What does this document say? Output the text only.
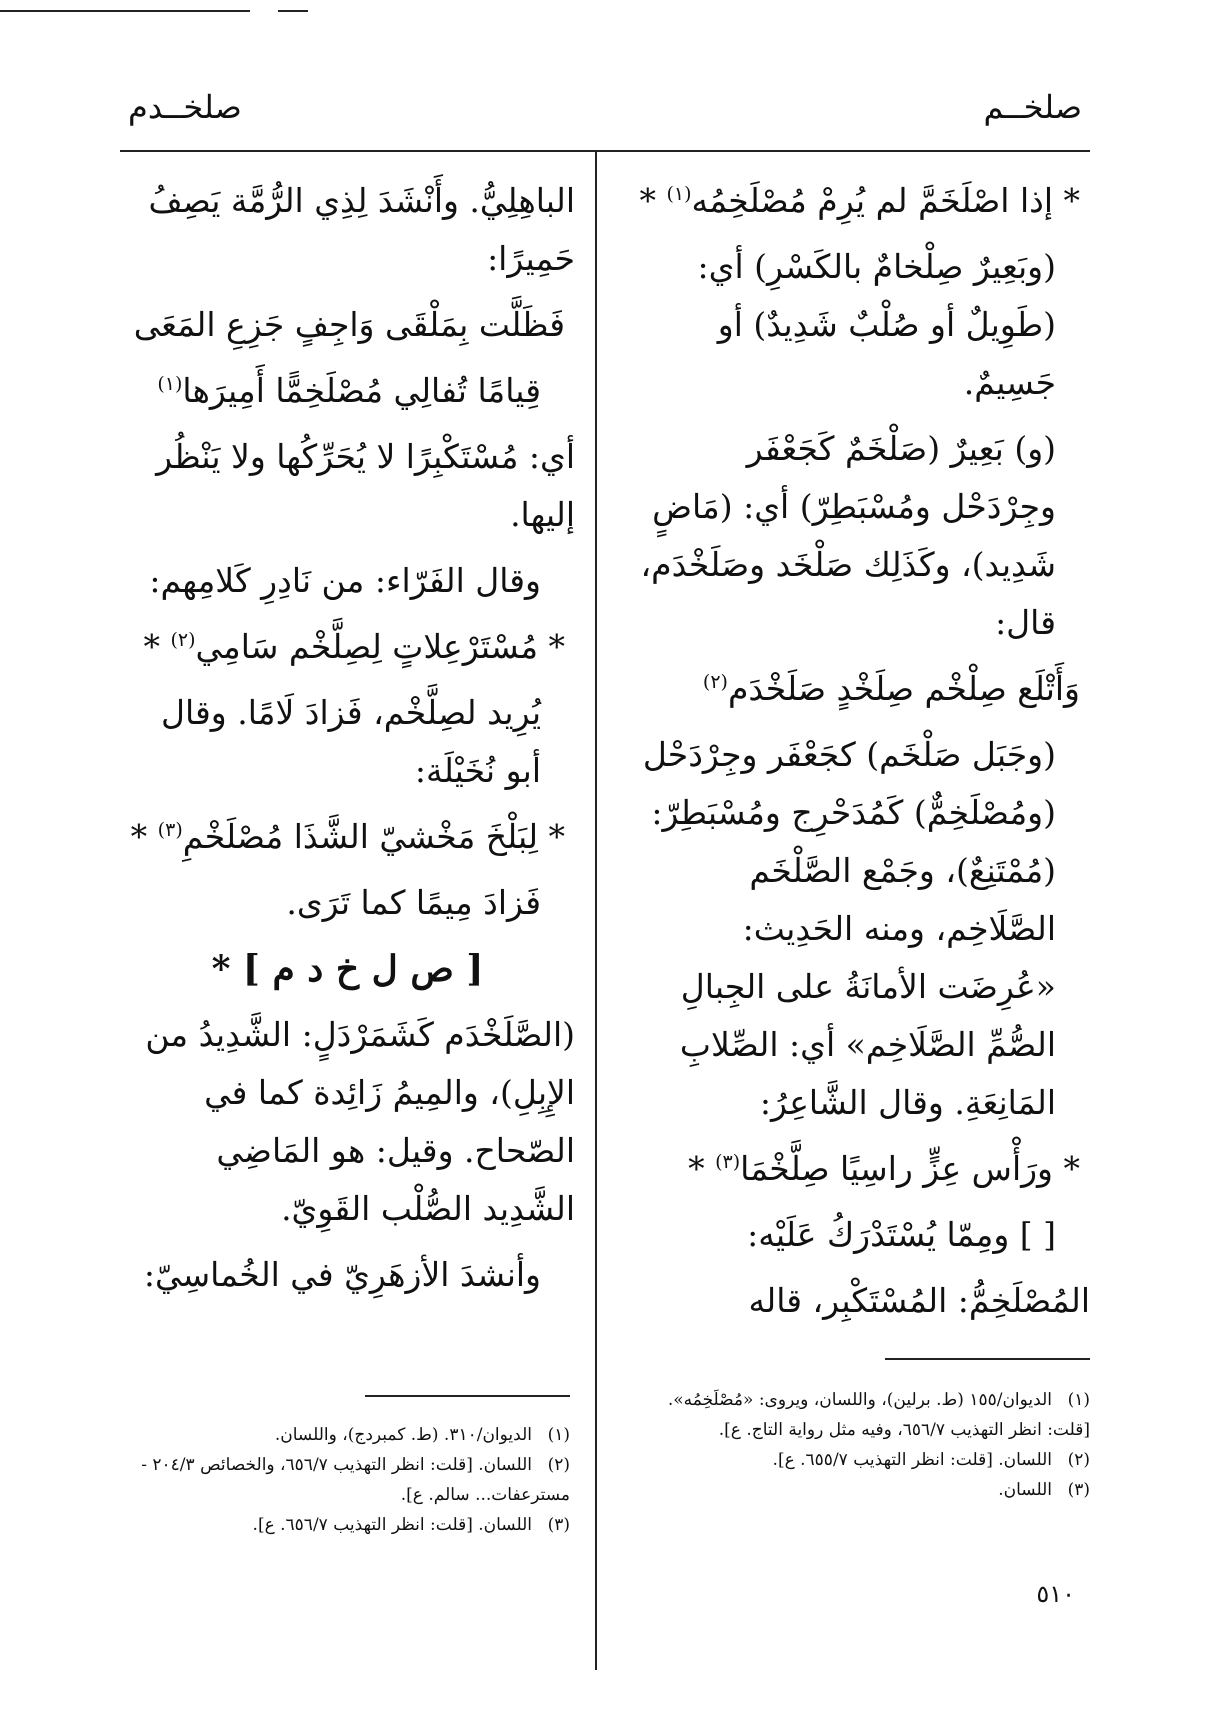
صلخــم
صلخــدم

* إذا اصْلَخَمَّ لم يُرِمْ مُصْلَخِمُه$^{(١)}$ *

(وبَعِيرٌ صِلْخامٌ بالكَسْرِ) أي: (طَوِيلٌ أو صُلْبٌ شَدِيدٌ) أو جَسِيمٌ.

(و) بَعِيرٌ (صَلْخَمٌ كَجَعْفَر وجِرْدَحْل ومُسْبَطِرّ) أي: (مَاضٍ شَدِيد)، وكَذَلِك صَلْخَد وصَلَخْدَم، قال:

وَأَتْلَع صِلْخْم صِلَخْدٍ صَلَخْدَم$^{(٢)}$

(وجَبَل صَلْخَم) كجَعْفَر وجِرْدَحْل (ومُصْلَخِمٌّ) كَمُدَحْرِج ومُسْبَطِرّ: (مُمْتَنِعٌ)، وجَمْع الصَّلْخَم الصَّلَاخِم، ومنه الحَدِيث: «عُرِضَت الأمانَةُ على الجِبالِ الصُّمِّ الصَّلَاخِم» أي: الصِّلابِ المَانِعَةِ. وقال الشَّاعِرُ:

* ورَأْس عِزٍّ راسِيًا صِلَّخْمَا$^{(٣)}$ *

[ ] ومِمّا يُسْتَدْرَكُ عَلَيْه:

المُصْلَخِمُّ: المُسْتَكْبِر، قاله

الباهِلِيُّ. وأَنْشَدَ لِذِي الرُّمَّة يَصِفُ حَمِيرًا:

فَظَلَّت بِمَلْقَى وَاجِفٍ جَزِعِ المَعَى

قِيامًا تُفالِي مُصْلَخِمًّا أَمِيرَها$^{(١)}$

أي: مُسْتَكْبِرًا لا يُحَرِّكُها ولا يَنْظُر إليها.

وقال الفَرّاء: من نَادِرِ كَلامِهم:

* مُسْتَرْعِلاتٍ لِصِلَّخْم سَامِي$^{(٢)}$ *

يُرِيد لصِلَّخْم، فَزادَ لَامًا. وقال أبو نُخَيْلَة:

* لِبَلْخَ مَخْشيّ الشَّذَا مُصْلَخْمِ$^{(٣)}$ *

فَزادَ مِيمًا كما تَرَى.

[ ص ل خ د م ] *

(الصَّلَخْدَم كَشَمَرْدَلٍ: الشَّدِيدُ من الإِبِلِ)، والمِيمُ زَائِدة كما في الصّحاح. وقيل: هو المَاضِي الشَّدِيد الصُّلْب القَوِيّ.

وأنشدَ الأزهَرِيّ في الخُماسِيّ:

(١)الديوان/١٥٥ (ط. برلين)، واللسان، ويروى: «مُصْلَخِمُه». [قلت: انظر التهذيب ٦٥٦/٧، وفيه مثل رواية التاج. ع].

(٢)اللسان. [قلت: انظر التهذيب ٦٥٥/٧. ع].

(٣)اللسان.

(١)الديوان/٣١٠. (ط. كمبردج)، واللسان.

(٢)اللسان. [قلت: انظر التهذيب ٦٥٦/٧، والخصائص ٢٠٤/٣ - مسترعفات... سالم. ع].

(٣)اللسان. [قلت: انظر التهذيب ٦٥٦/٧. ع].

٥١٠
